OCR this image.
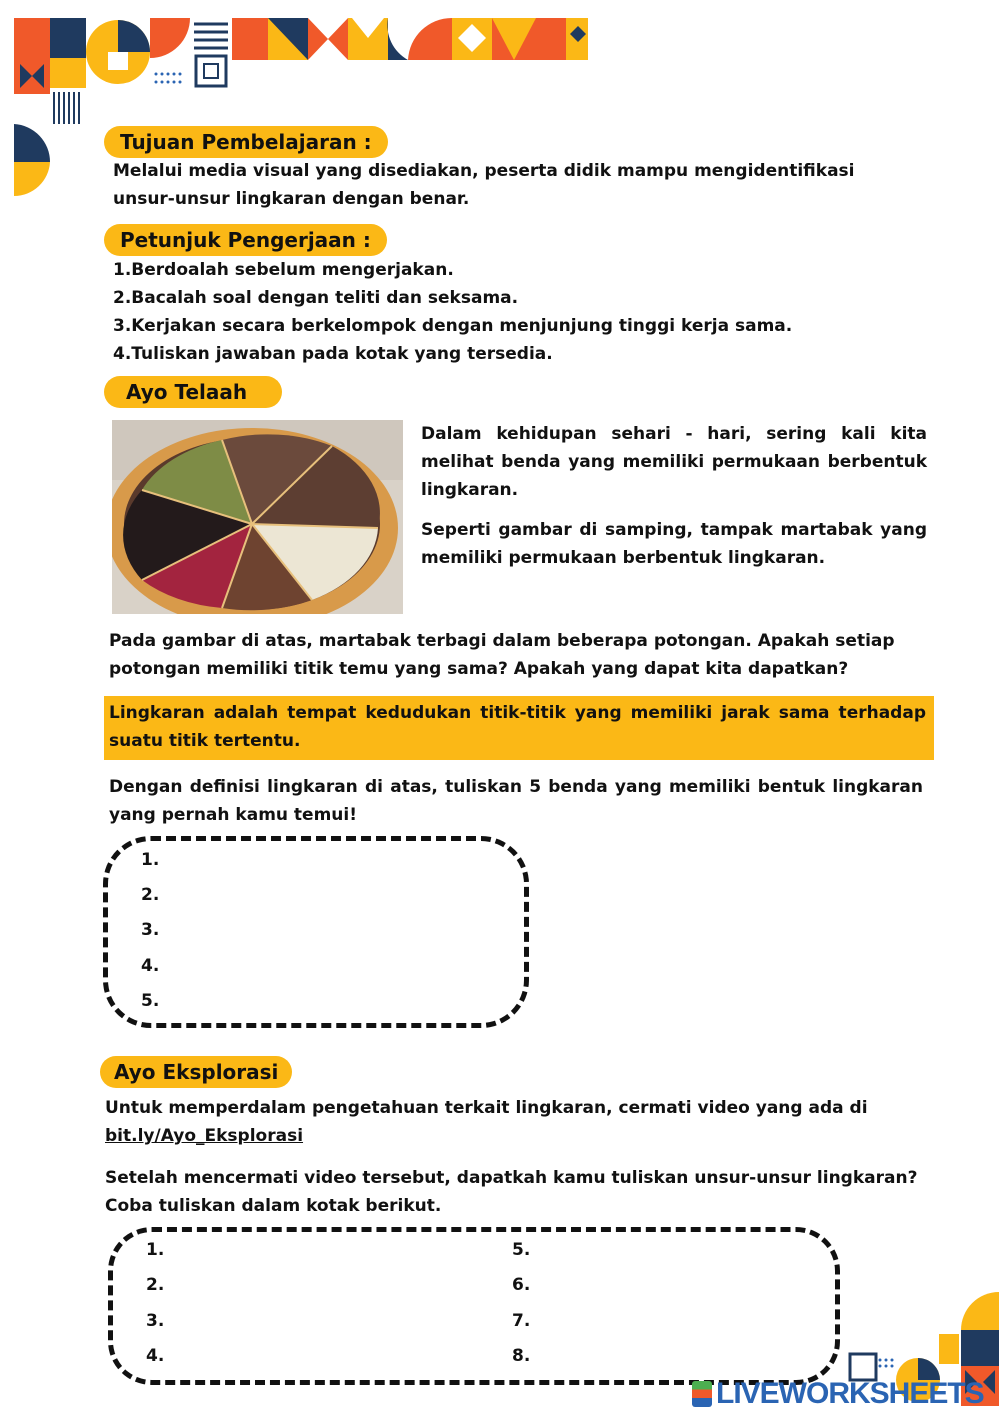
Tujuan Pembelajaran :
Melalui media visual yang disediakan, peserta didik mampu mengidentifikasi unsur-unsur lingkaran dengan benar.
Petunjuk Pengerjaan :
1.Berdoalah sebelum mengerjakan.
2.Bacalah soal dengan teliti dan seksama.
3.Kerjakan secara berkelompok dengan menjunjung tinggi kerja sama.
4.Tuliskan jawaban pada kotak yang tersedia.
Ayo Telaah
Dalam kehidupan sehari - hari, sering kali kita melihat benda yang memiliki permukaan berbentuk lingkaran.
Seperti gambar di samping, tampak martabak yang memiliki permukaan berbentuk lingkaran.
Pada gambar di atas, martabak terbagi dalam beberapa potongan. Apakah setiap potongan memiliki titik temu yang sama? Apakah yang dapat kita dapatkan?
Lingkaran adalah tempat kedudukan titik-titik yang memiliki jarak sama terhadap suatu titik tertentu.
Dengan definisi lingkaran di atas, tuliskan 5 benda yang memiliki bentuk lingkaran yang pernah kamu temui!
1.
2.
3.
4.
5.
Ayo Eksplorasi
Untuk memperdalam pengetahuan terkait lingkaran, cermati video yang ada di
bit.ly/Ayo_Eksplorasi
Setelah mencermati video tersebut, dapatkah kamu tuliskan unsur-unsur lingkaran? Coba tuliskan dalam kotak berikut.
1.
2.
3.
4.
5.
6.
7.
8.
LIVEWORKSHEETS
